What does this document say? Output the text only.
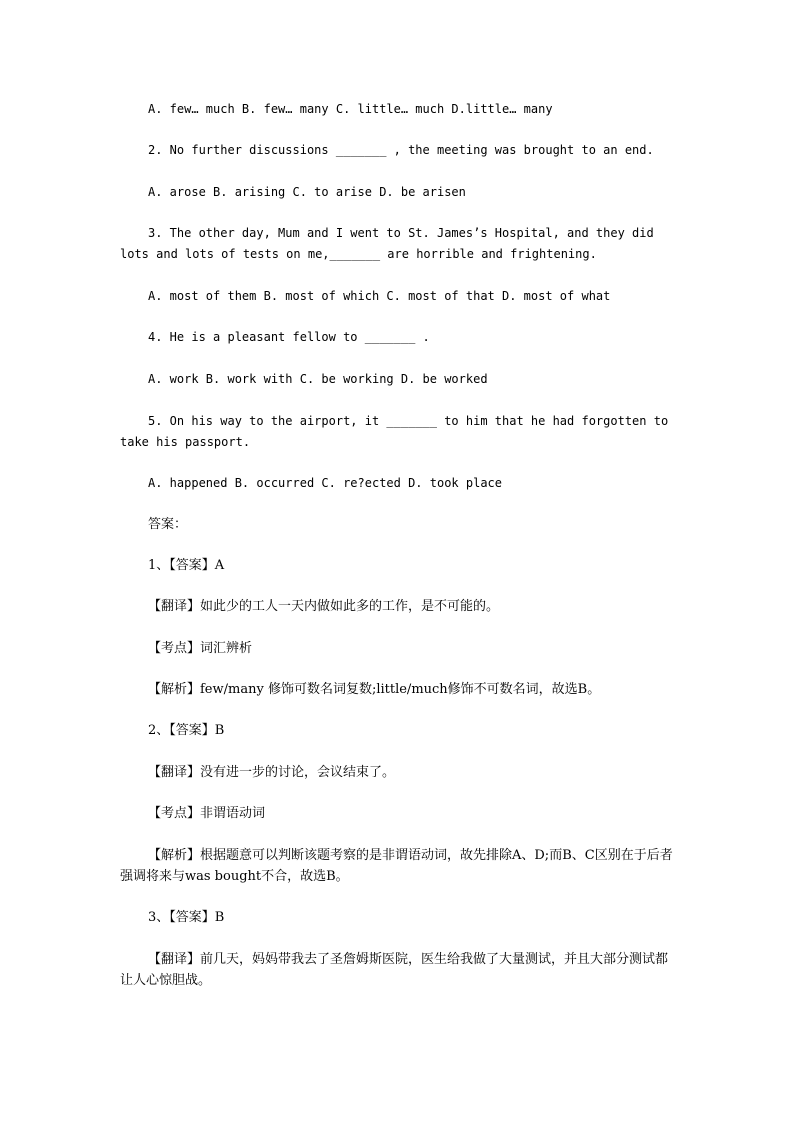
A. few… much B. few… many C. little… much D.little… many
2. No further discussions _______ , the meeting was brought to an end.
A. arose B. arising C. to arise D. be arisen
3. The other day, Mum and I went to St. James’s Hospital, and they did lots and lots of tests on me,_______ are horrible and frightening.
A. most of them B. most of which C. most of that D. most of what
4. He is a pleasant fellow to _______ .
A. work B. work with C. be working D. be worked
5. On his way to the airport, it _______ to him that he had forgotten to take his passport.
A. happened B. occurred C. re?ected D. took place
答案：
1、【答案】A
【翻译】如此少的工人一天内做如此多的工作，是不可能的。
【考点】词汇辨析
【解析】few/many 修饰可数名词复数;little/much修饰不可数名词，故选B。
2、【答案】B
【翻译】没有进一步的讨论，会议结束了。
【考点】非谓语动词
【解析】根据题意可以判断该题考察的是非谓语动词，故先排除A、D;而B、C区别在于后者强调将来与was bought不合，故选B。
3、【答案】B
【翻译】前几天，妈妈带我去了圣詹姆斯医院，医生给我做了大量测试，并且大部分测试都让人心惊胆战。
